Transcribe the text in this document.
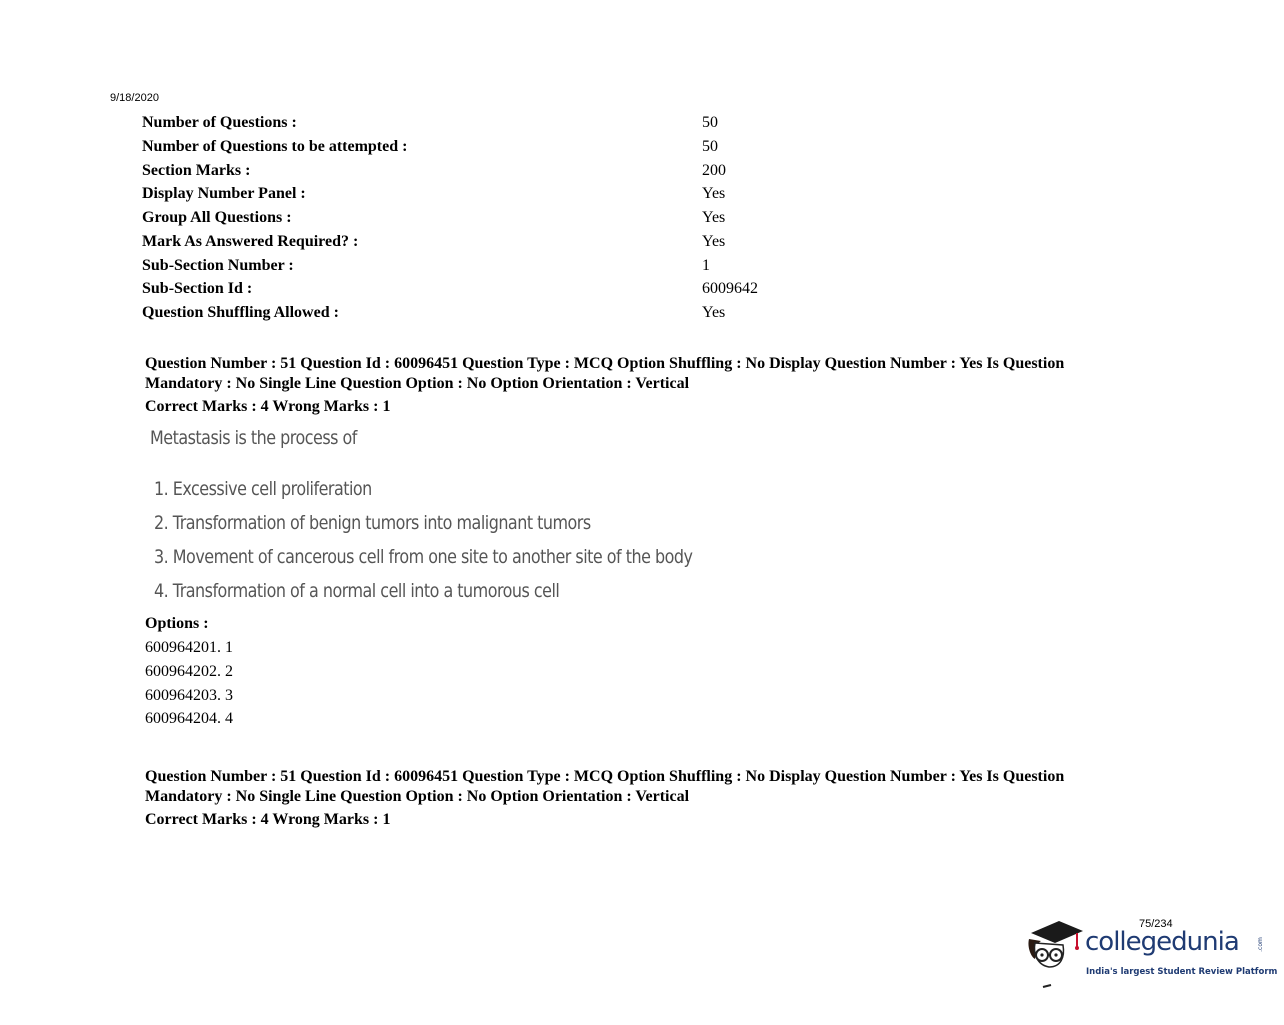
9/18/2020
Number of Questions :	50
Number of Questions to be attempted :	50
Section Marks :	200
Display Number Panel :	Yes
Group All Questions :	Yes
Mark As Answered Required? :	Yes
Sub-Section Number :	1
Sub-Section Id :	6009642
Question Shuffling Allowed :	Yes
Question Number : 51 Question Id : 60096451 Question Type : MCQ Option Shuffling : No Display Question Number : Yes Is Question Mandatory : No Single Line Question Option : No Option Orientation : Vertical
Correct Marks : 4 Wrong Marks : 1
Metastasis is the process of
1. Excessive cell proliferation
2. Transformation of benign tumors into malignant tumors
3. Movement of cancerous cell from one site to another site of the body
4. Transformation of a normal cell into a tumorous cell
Options :
600964201. 1
600964202. 2
600964203. 3
600964204. 4
Question Number : 51 Question Id : 60096451 Question Type : MCQ Option Shuffling : No Display Question Number : Yes Is Question Mandatory : No Single Line Question Option : No Option Orientation : Vertical
Correct Marks : 4 Wrong Marks : 1
75/234
collegedunia	.com
India's largest Student Review Platform
